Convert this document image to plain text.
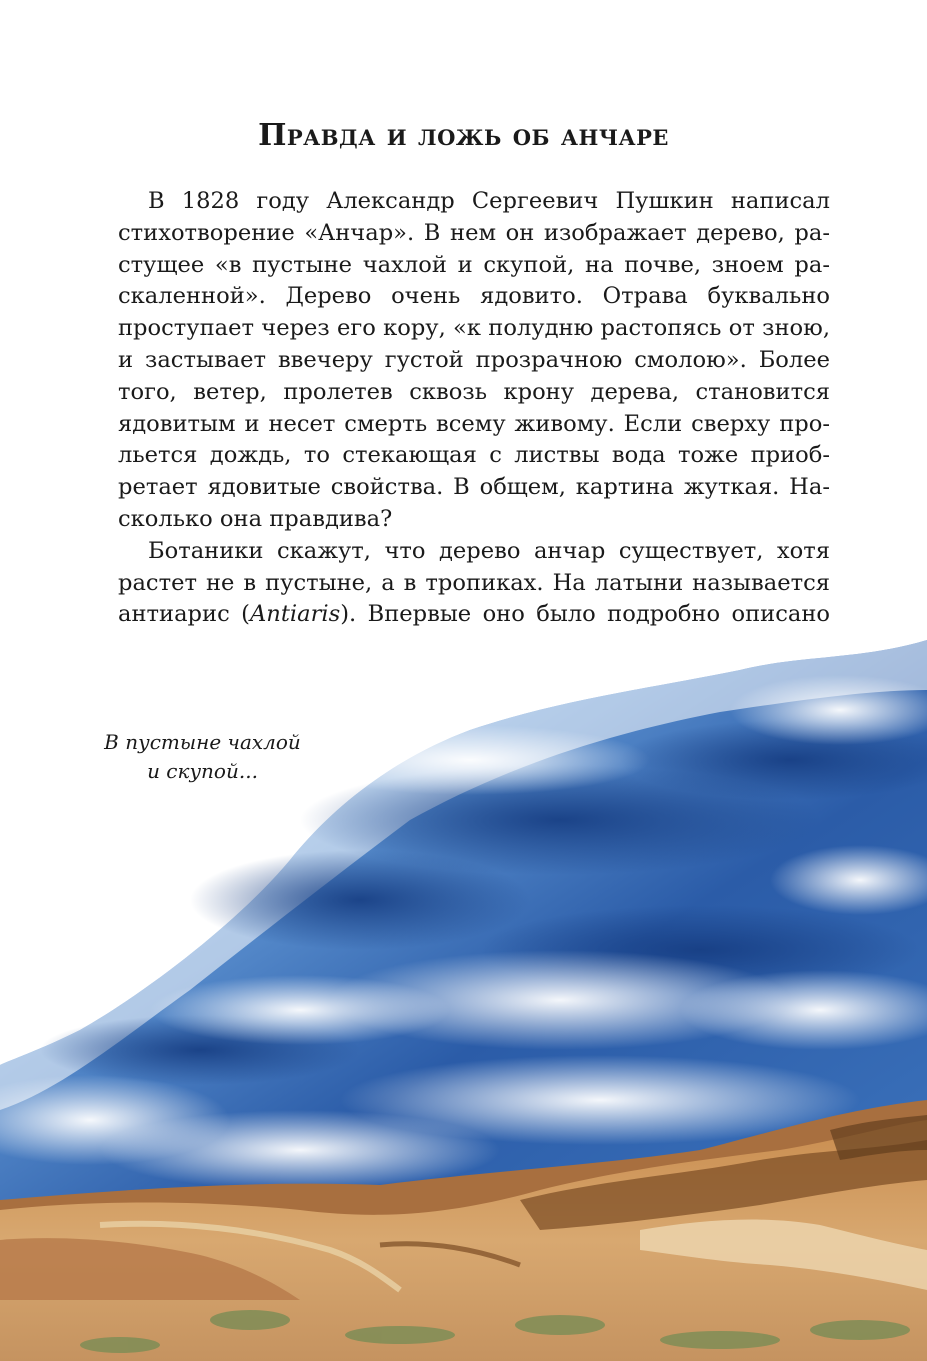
Правда и ложь об анчаре
В 1828 году Александр Сергеевич Пушкин написал
стихотворение «Анчар». В нем он изображает дерево, ра-
стущее «в пустыне чахлой и скупой, на почве, зноем ра-
скаленной». Дерево очень ядовито. Отрава буквально
проступает через его кору, «к полудню растопясь от зною,
и застывает ввечеру густой прозрачною смолою». Более
того, ветер, пролетев сквозь крону дерева, становится
ядовитым и несет смерть всему живому. Если сверху про-
льется дождь, то стекающая с листвы вода тоже приоб-
ретает ядовитые свойства. В общем, картина жуткая. На-
сколько она правдива?
Ботаники скажут, что дерево анчар существует, хотя
растет не в пустыне, а в тропиках. На латыни называется
антиарис (Antiaris). Впервые оно было подробно описано
В пустыне чахлой
и скупой...
